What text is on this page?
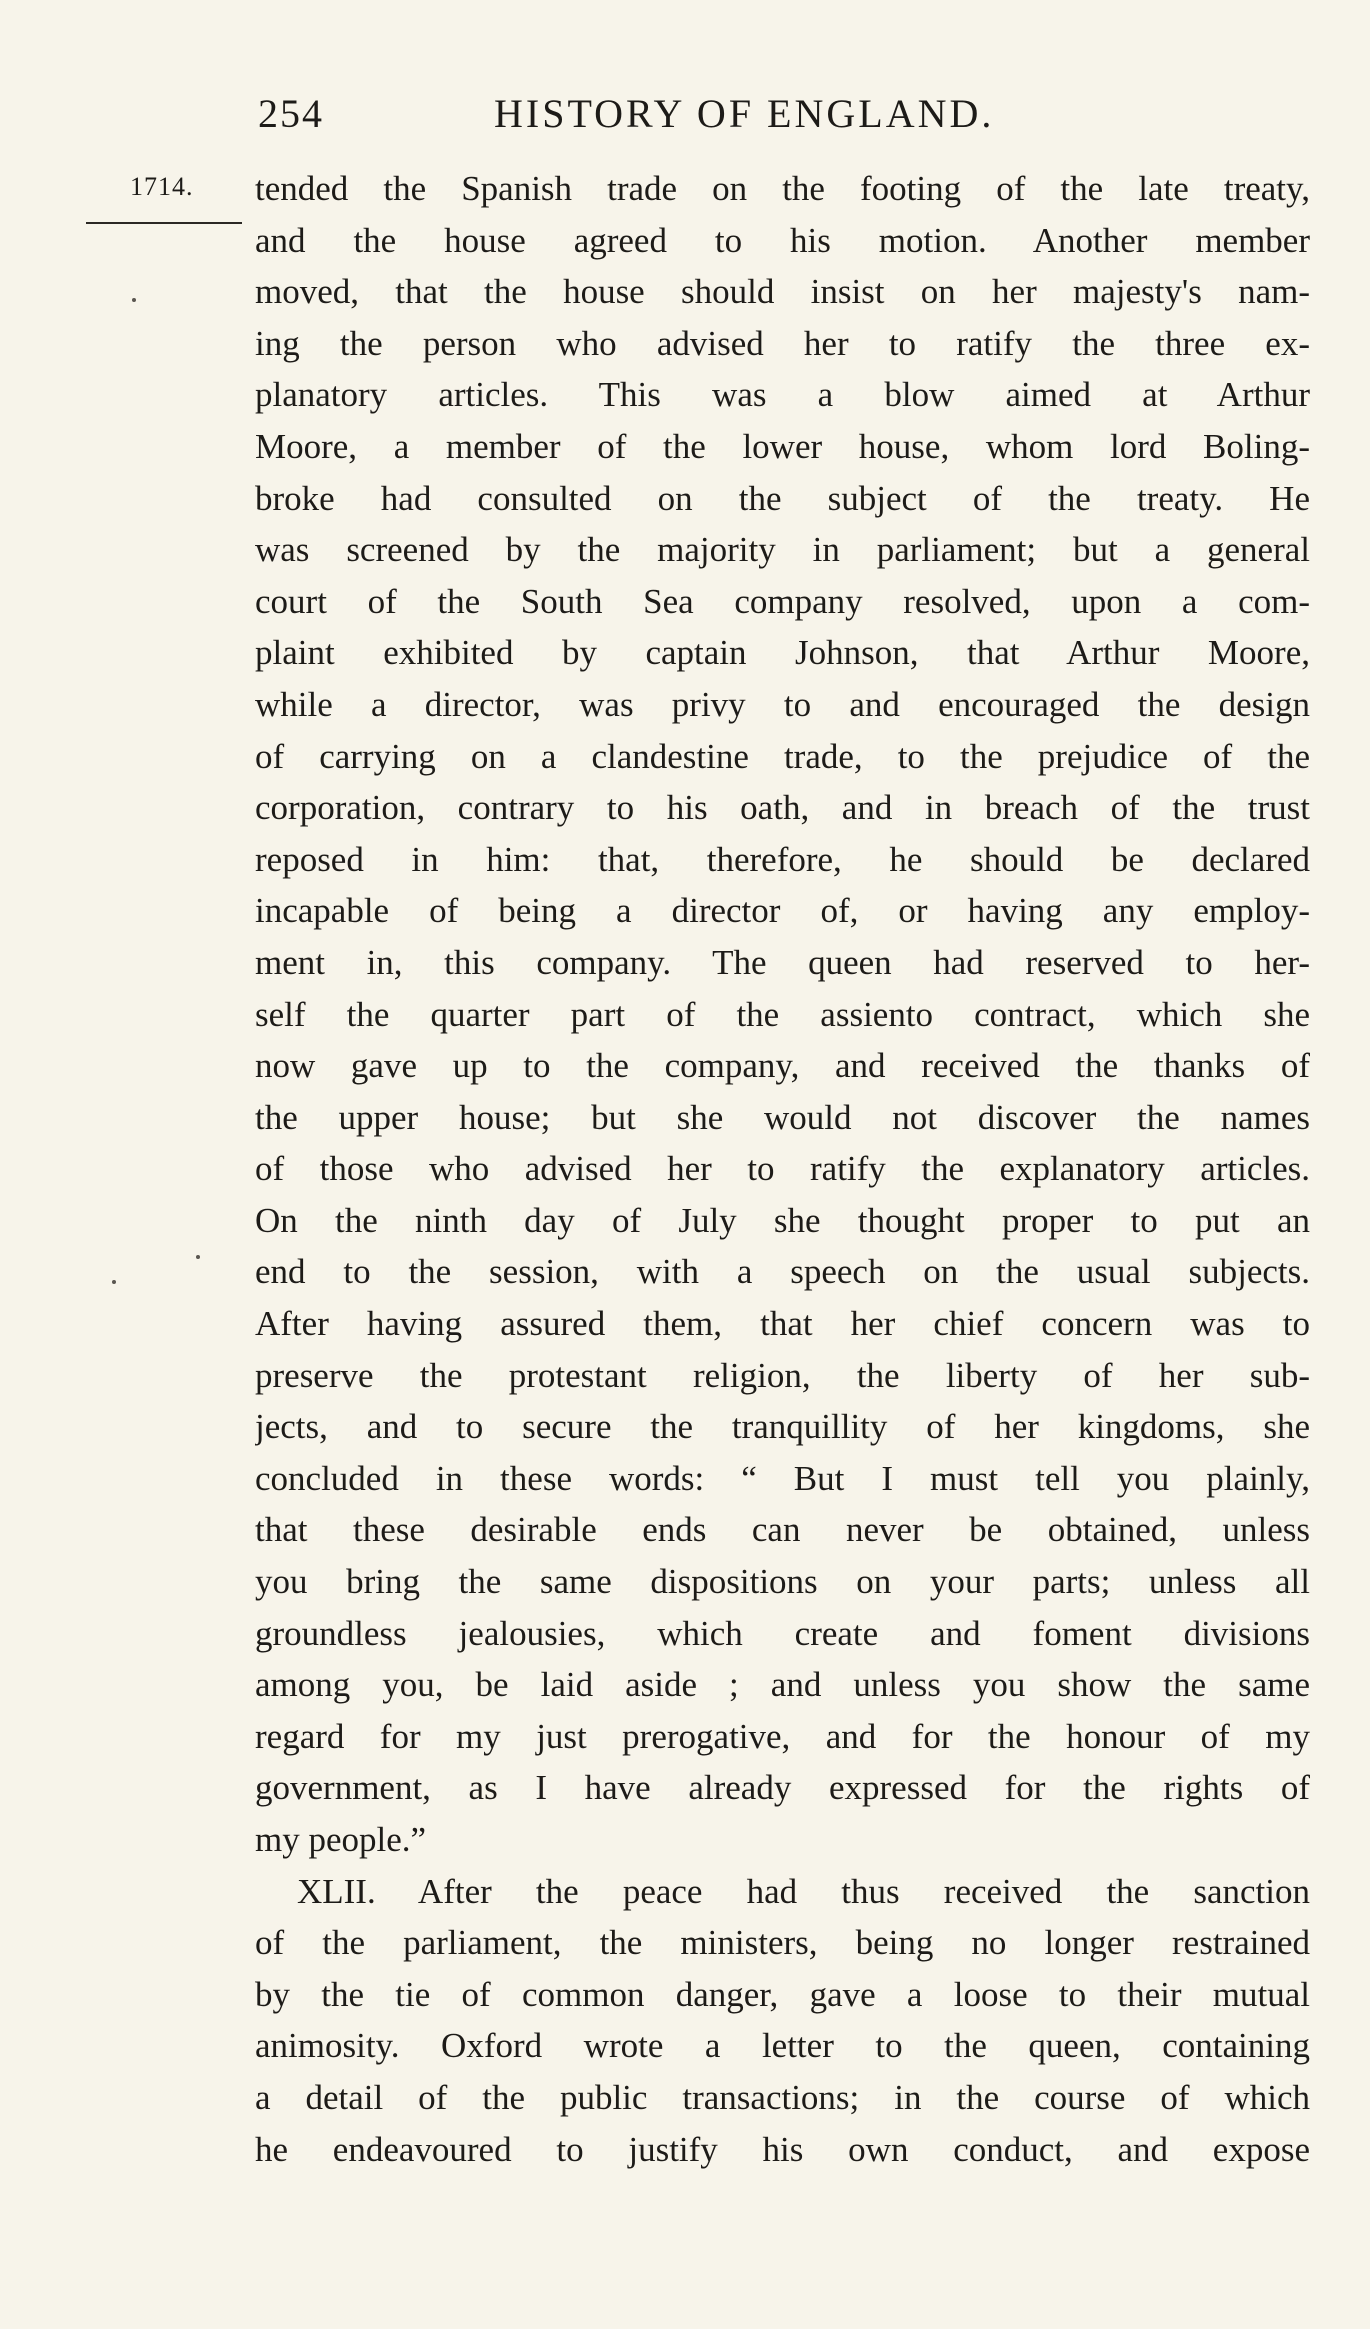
254	HISTORY OF ENGLAND.
1714. tended the Spanish trade on the footing of the late treaty,
and the house agreed to his motion. Another member
moved, that the house should insist on her majesty's nam-
ing the person who advised her to ratify the three ex-
planatory articles. This was a blow aimed at Arthur
Moore, a member of the lower house, whom lord Boling-
broke had consulted on the subject of the treaty. He
was screened by the majority in parliament; but a general
court of the South Sea company resolved, upon a com-
plaint exhibited by captain Johnson, that Arthur Moore,
while a director, was privy to and encouraged the design
of carrying on a clandestine trade, to the prejudice of the
corporation, contrary to his oath, and in breach of the trust
reposed in him: that, therefore, he should be declared
incapable of being a director of, or having any employ-
ment in, this company. The queen had reserved to her-
self the quarter part of the assiento contract, which she
now gave up to the company, and received the thanks of
the upper house; but she would not discover the names
of those who advised her to ratify the explanatory articles.
On the ninth day of July she thought proper to put an
end to the session, with a speech on the usual subjects.
After having assured them, that her chief concern was to
preserve the protestant religion, the liberty of her sub-
jects, and to secure the tranquillity of her kingdoms, she
concluded in these words: “ But I must tell you plainly,
that these desirable ends can never be obtained, unless
you bring the same dispositions on your parts; unless all
groundless jealousies, which create and foment divisions
among you, be laid aside ; and unless you show the same
regard for my just prerogative, and for the honour of my
government, as I have already expressed for the rights of
my people.”
XLII. After the peace had thus received the sanction
of the parliament, the ministers, being no longer restrained
by the tie of common danger, gave a loose to their mutual
animosity. Oxford wrote a letter to the queen, containing
a detail of the public transactions; in the course of which
he endeavoured to justify his own conduct, and expose
